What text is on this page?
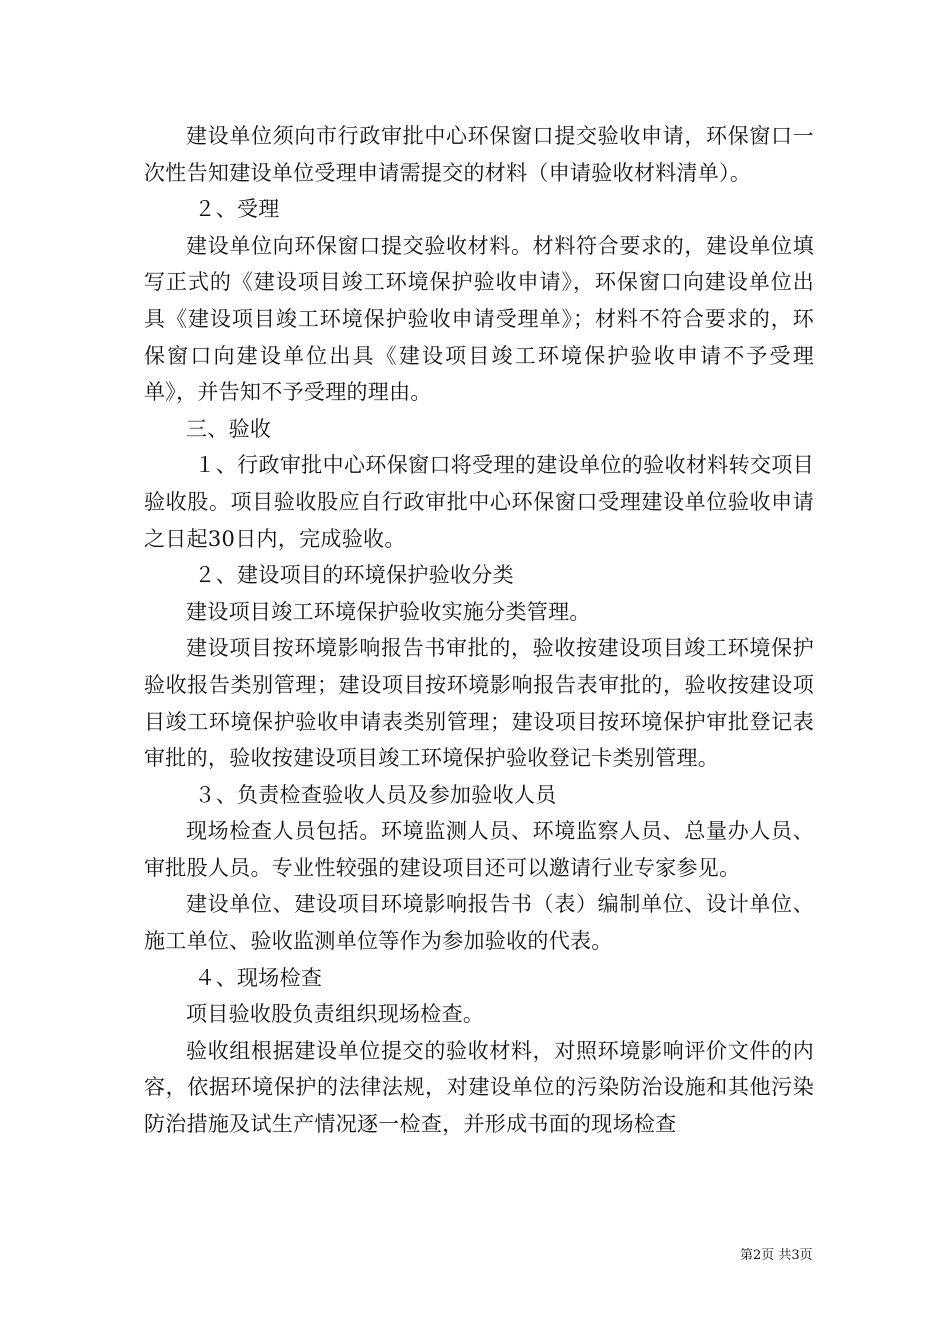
建设单位须向市行政审批中心环保窗口提交验收申请，环保窗口一次性告知建设单位受理申请需提交的材料（申请验收材料清单）。

２、受理

建设单位向环保窗口提交验收材料。材料符合要求的，建设单位填写正式的《建设项目竣工环境保护验收申请》，环保窗口向建设单位出具《建设项目竣工环境保护验收申请受理单》；材料不符合要求的，环保窗口向建设单位出具《建设项目竣工环境保护验收申请不予受理单》，并告知不予受理的理由。

三、验收

１、行政审批中心环保窗口将受理的建设单位的验收材料转交项目验收股。项目验收股应自行政审批中心环保窗口受理建设单位验收申请之日起30日内，完成验收。

２、建设项目的环境保护验收分类

建设项目竣工环境保护验收实施分类管理。

建设项目按环境影响报告书审批的，验收按建设项目竣工环境保护验收报告类别管理；建设项目按环境影响报告表审批的，验收按建设项目竣工环境保护验收申请表类别管理；建设项目按环境保护审批登记表审批的，验收按建设项目竣工环境保护验收登记卡类别管理。

３、负责检查验收人员及参加验收人员

现场检查人员包括。环境监测人员、环境监察人员、总量办人员、审批股人员。专业性较强的建设项目还可以邀请行业专家参见。

建设单位、建设项目环境影响报告书（表）编制单位、设计单位、施工单位、验收监测单位等作为参加验收的代表。

４、现场检查

项目验收股负责组织现场检查。

验收组根据建设单位提交的验收材料，对照环境影响评价文件的内容，依据环境保护的法律法规，对建设单位的污染防治设施和其他污染防治措施及试生产情况逐一检查，并形成书面的现场检查

第2页 共3页
